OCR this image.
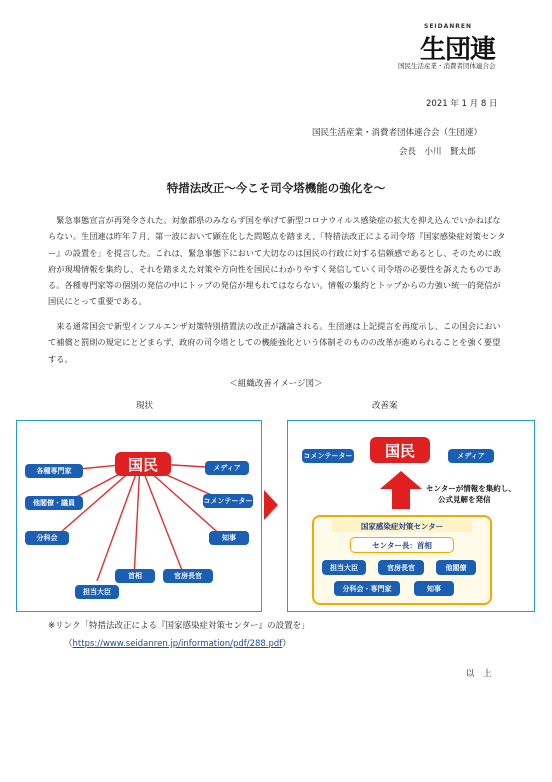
SEIDANREN
生団連
国民生活産業・消費者団体連合会
2021 年 1 月 8 日
国民生活産業・消費者団体連合会（生団連）
会長　小川　賢太郎
特措法改正～今こそ司令塔機能の強化を～
　緊急事態宣言が再発令された。対象都県のみならず国を挙げて新型コロナウイルス感染症の拡大を抑え込んでいかねばならない。生団連は昨年７月、第一波において顕在化した問題点を踏まえ、「特措法改正による司令塔『国家感染症対策センター』の設置を」を提言した。これは、緊急事態下において大切なのは国民の行政に対する信頼感であるとし、そのために政府が現場情報を集約し、それを踏まえた対策や方向性を国民にわかりやすく発信していく司令塔の必要性を訴えたものである。各種専門家等の個別の発信の中にトップの発信が埋もれてはならない。情報の集約とトップからの力強い統一的発信が国民にとって重要である。
　来る通常国会で新型インフルエンザ対策特別措置法の改正が議論される。生団連は上記提言を再度示し、この国会において補償と罰則の規定にとどまらず、政府の司令塔としての機能強化という体制そのものの改革が進められることを強く要望する。
＜組織改善イメージ図＞
現状
国民
各種専門家
他閣僚・議員
分科会
担当大臣
首相	官房長官
知事
コメンテーター
メディア
改善案
コメンテーター	国民	メディア
センターが情報を集約し、
公式見解を発信
国家感染症対策センター
センター長：首相
担当大臣	官房長官	他閣僚
分科会・専門家	知事
※リンク「特措法改正による『国家感染症対策センター』の設置を」
（https://www.seidanren.jp/information/pdf/288.pdf）
以　上
